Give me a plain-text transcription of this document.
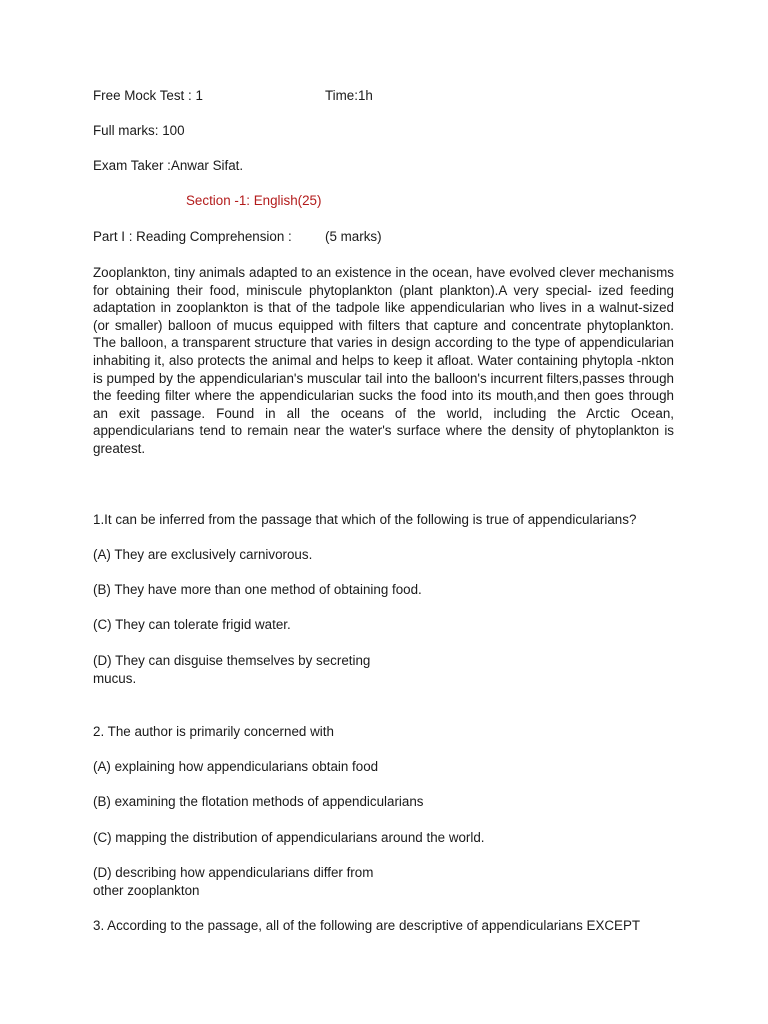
Free Mock Test : 1	Time:1h
Full marks: 100
Exam Taker :Anwar Sifat.
Section -1: English(25)
Part I : Reading Comprehension : (5 marks)
Zooplankton, tiny animals adapted to an existence in the ocean, have evolved clever mechanisms for obtaining their food, miniscule phytoplankton (plant plankton).A very special- ized feeding adaptation in zooplankton is that of the tadpole like appendicularian who lives in a walnut-sized (or smaller) balloon of mucus equipped with filters that capture and concentrate phytoplankton. The balloon, a transparent structure that varies in design according to the type of appendicularian inhabiting it, also protects the animal and helps to keep it afloat. Water containing phytopla -nkton is pumped by the appendicularian's muscular tail into the balloon's incurrent filters,passes through the feeding filter where the appendicularian sucks the food into its mouth,and then goes through an exit passage. Found in all the oceans of the world, including the Arctic Ocean, appendicularians tend to remain near the water's surface where the density of phytoplankton is greatest.
1.It can be inferred from the passage that which of the following is true of appendicularians?
(A) They are exclusively carnivorous.
(B) They have more than one method of obtaining food.
(C) They can tolerate frigid water.
(D) They can disguise themselves by secreting mucus.
2. The author is primarily concerned with
(A) explaining how appendicularians obtain food
(B) examining the flotation methods of appendicularians
(C) mapping the distribution of appendicularians around the world.
(D) describing how appendicularians differ from other zooplankton
3. According to the passage, all of the following are descriptive of appendicularians EXCEPT
